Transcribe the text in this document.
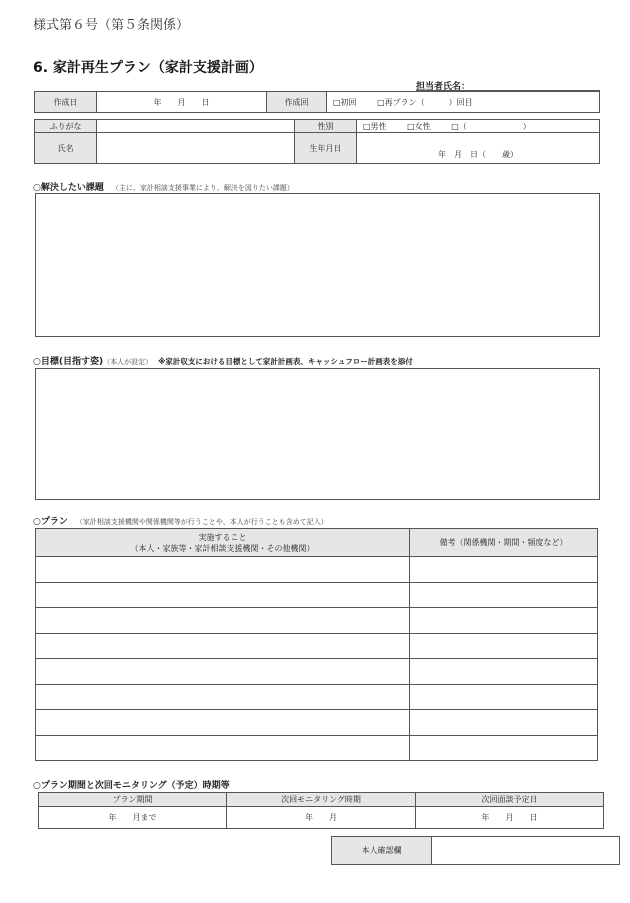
様式第６号（第５条関係）
6. 家計再生プラン（家計支援計画）
担当者氏名：
作成日	年　　月　　日	作成回	□初回	□再プラン（　　　）回目
ふりがな		性別	□男性 □女性 □（　　　　　　　）
氏名		生年月日	年　月　日（　　歳）
○解決したい課題 （主に、家計相談支援事業により、解決を図りたい課題）
○目標(目指す姿)（本人が設定） ※家計収支における目標として家計計画表、キャッシュフロー計画表を添付
○プラン （家計相談支援機関や関係機関等が行うことや、本人が行うことも含めて記入）
実施すること
（本人・家族等・家計相談支援機関・その他機関）	備考（関係機関・期間・頻度など）

○プラン期間と次回モニタリング（予定）時期等
プラン期間	次回モニタリング時期	次回面談予定日
年　　月まで	年　　月	年　　月　　日
本人確認欄	
